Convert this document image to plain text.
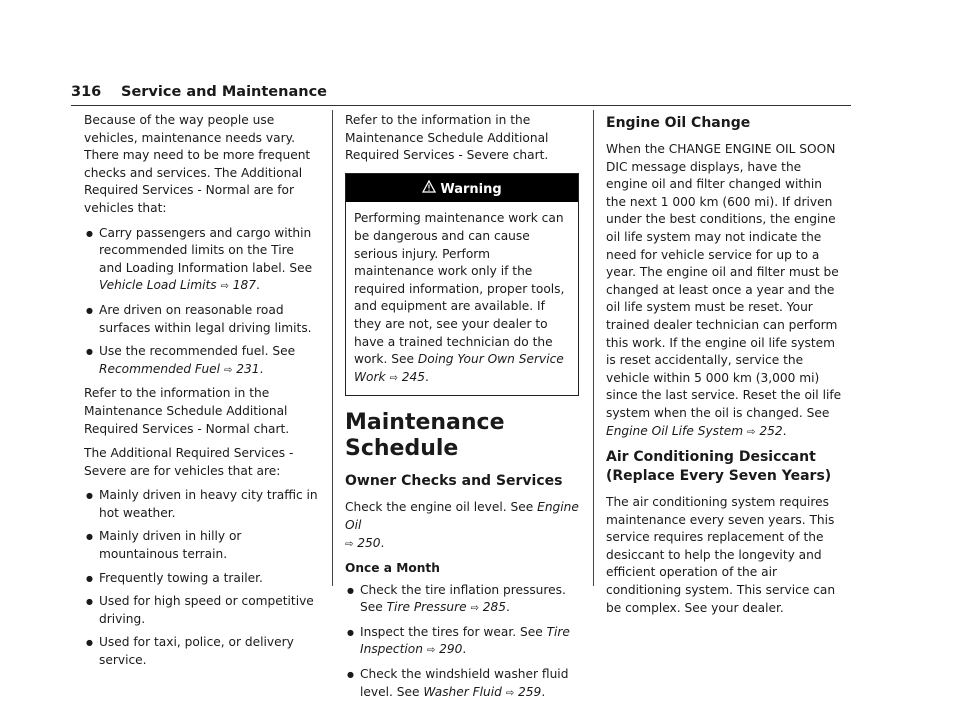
316 Service and Maintenance

Because of the way people use vehicles, maintenance needs vary. There may need to be more frequent checks and services. The Additional Required Services - Normal are for vehicles that:

● Carry passengers and cargo within recommended limits on the Tire and Loading Information label. See Vehicle Load Limits ⇨ 187.
● Are driven on reasonable road surfaces within legal driving limits.
● Use the recommended fuel. See Recommended Fuel ⇨ 231.

Refer to the information in the Maintenance Schedule Additional Required Services - Normal chart.

The Additional Required Services - Severe are for vehicles that are:

● Mainly driven in heavy city traffic in hot weather.
● Mainly driven in hilly or mountainous terrain.
● Frequently towing a trailer.
● Used for high speed or competitive driving.
● Used for taxi, police, or delivery service.

Refer to the information in the Maintenance Schedule Additional Required Services - Severe chart.

Warning
Performing maintenance work can be dangerous and can cause serious injury. Perform maintenance work only if the required information, proper tools, and equipment are available. If they are not, see your dealer to have a trained technician do the work. See Doing Your Own Service Work ⇨ 245.
Maintenance Schedule
Owner Checks and Services

Check the engine oil level. See Engine Oil
⇨ 250.

Once a Month
● Check the tire inflation pressures. See Tire Pressure ⇨ 285.
● Inspect the tires for wear. See Tire Inspection ⇨ 290.
● Check the windshield washer fluid level. See Washer Fluid ⇨ 259.
Engine Oil Change

When the CHANGE ENGINE OIL SOON DIC message displays, have the engine oil and filter changed within the next 1 000 km (600 mi). If driven under the best conditions, the engine oil life system may not indicate the need for vehicle service for up to a year. The engine oil and filter must be changed at least once a year and the oil life system must be reset. Your trained dealer technician can perform this work. If the engine oil life system is reset accidentally, service the vehicle within 5 000 km (3,000 mi) since the last service. Reset the oil life system when the oil is changed. See Engine Oil Life System ⇨ 252.

Air Conditioning Desiccant (Replace Every Seven Years)

The air conditioning system requires maintenance every seven years. This service requires replacement of the desiccant to help the longevity and efficient operation of the air conditioning system. This service can be complex. See your dealer.
